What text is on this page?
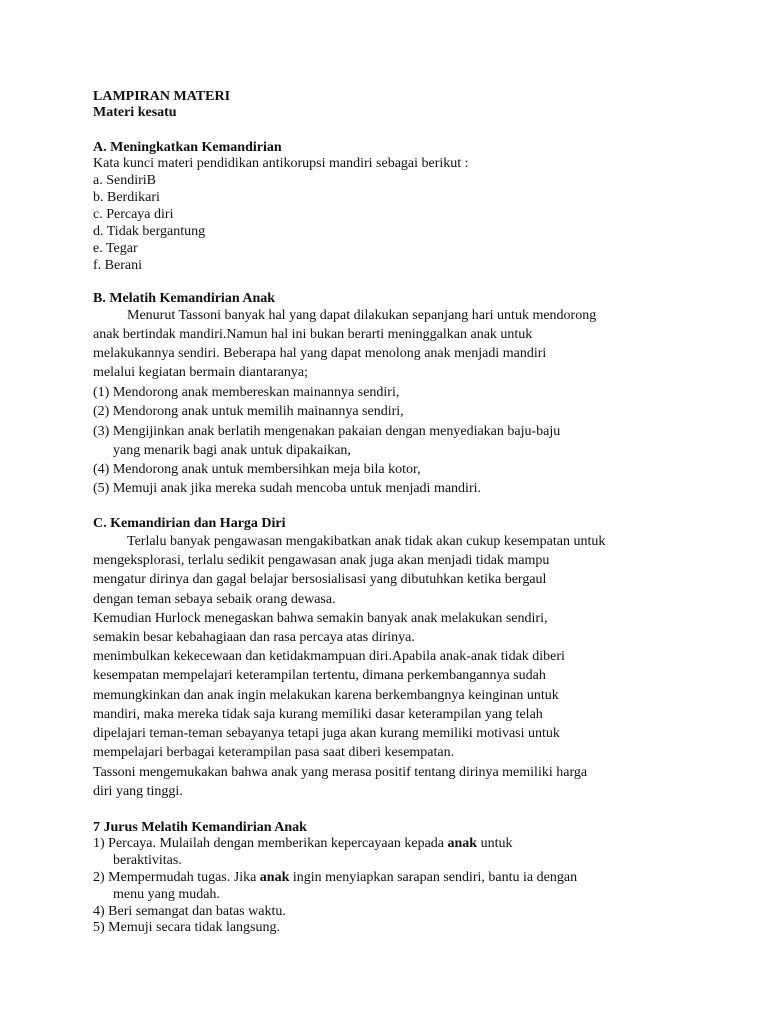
LAMPIRAN MATERI
Materi kesatu
A. Meningkatkan Kemandirian
Kata kunci materi pendidikan antikorupsi mandiri sebagai berikut :
a. SendiriB
b. Berdikari
c. Percaya diri
d. Tidak bergantung
e. Tegar
f. Berani
B. Melatih Kemandirian Anak
Menurut Tassoni banyak hal yang dapat dilakukan sepanjang hari untuk mendorong
anak bertindak mandiri.Namun hal ini bukan berarti meninggalkan anak untuk
melakukannya sendiri. Beberapa hal yang dapat menolong anak menjadi mandiri
melalui kegiatan bermain diantaranya;
(1) Mendorong anak membereskan mainannya sendiri,
(2) Mendorong anak untuk memilih mainannya sendiri,
(3) Mengijinkan anak berlatih mengenakan pakaian dengan menyediakan baju-baju
yang menarik bagi anak untuk dipakaikan,
(4) Mendorong anak untuk membersihkan meja bila kotor,
(5) Memuji anak jika mereka sudah mencoba untuk menjadi mandiri.
C. Kemandirian dan Harga Diri
Terlalu banyak pengawasan mengakibatkan anak tidak akan cukup kesempatan untuk
mengeksplorasi, terlalu sedikit pengawasan anak juga akan menjadi tidak mampu
mengatur dirinya dan gagal belajar bersosialisasi yang dibutuhkan ketika bergaul
dengan teman sebaya sebaik orang dewasa.
Kemudian Hurlock menegaskan bahwa semakin banyak anak melakukan sendiri,
semakin besar kebahagiaan dan rasa percaya atas dirinya.
menimbulkan kekecewaan dan ketidakmampuan diri.Apabila anak-anak tidak diberi
kesempatan mempelajari keterampilan tertentu, dimana perkembangannya sudah
memungkinkan dan anak ingin melakukan karena berkembangnya keinginan untuk
mandiri, maka mereka tidak saja kurang memiliki dasar keterampilan yang telah
dipelajari teman-teman sebayanya tetapi juga akan kurang memiliki motivasi untuk
mempelajari berbagai keterampilan pasa saat diberi kesempatan.
Tassoni mengemukakan bahwa anak yang merasa positif tentang dirinya memiliki harga
diri yang tinggi.
7 Jurus Melatih Kemandirian Anak
1) Percaya. Mulailah dengan memberikan kepercayaan kepada anak untuk
beraktivitas.
2) Mempermudah tugas. Jika anak ingin menyiapkan sarapan sendiri, bantu ia dengan
menu yang mudah.
4) Beri semangat dan batas waktu.
5) Memuji secara tidak langsung.
